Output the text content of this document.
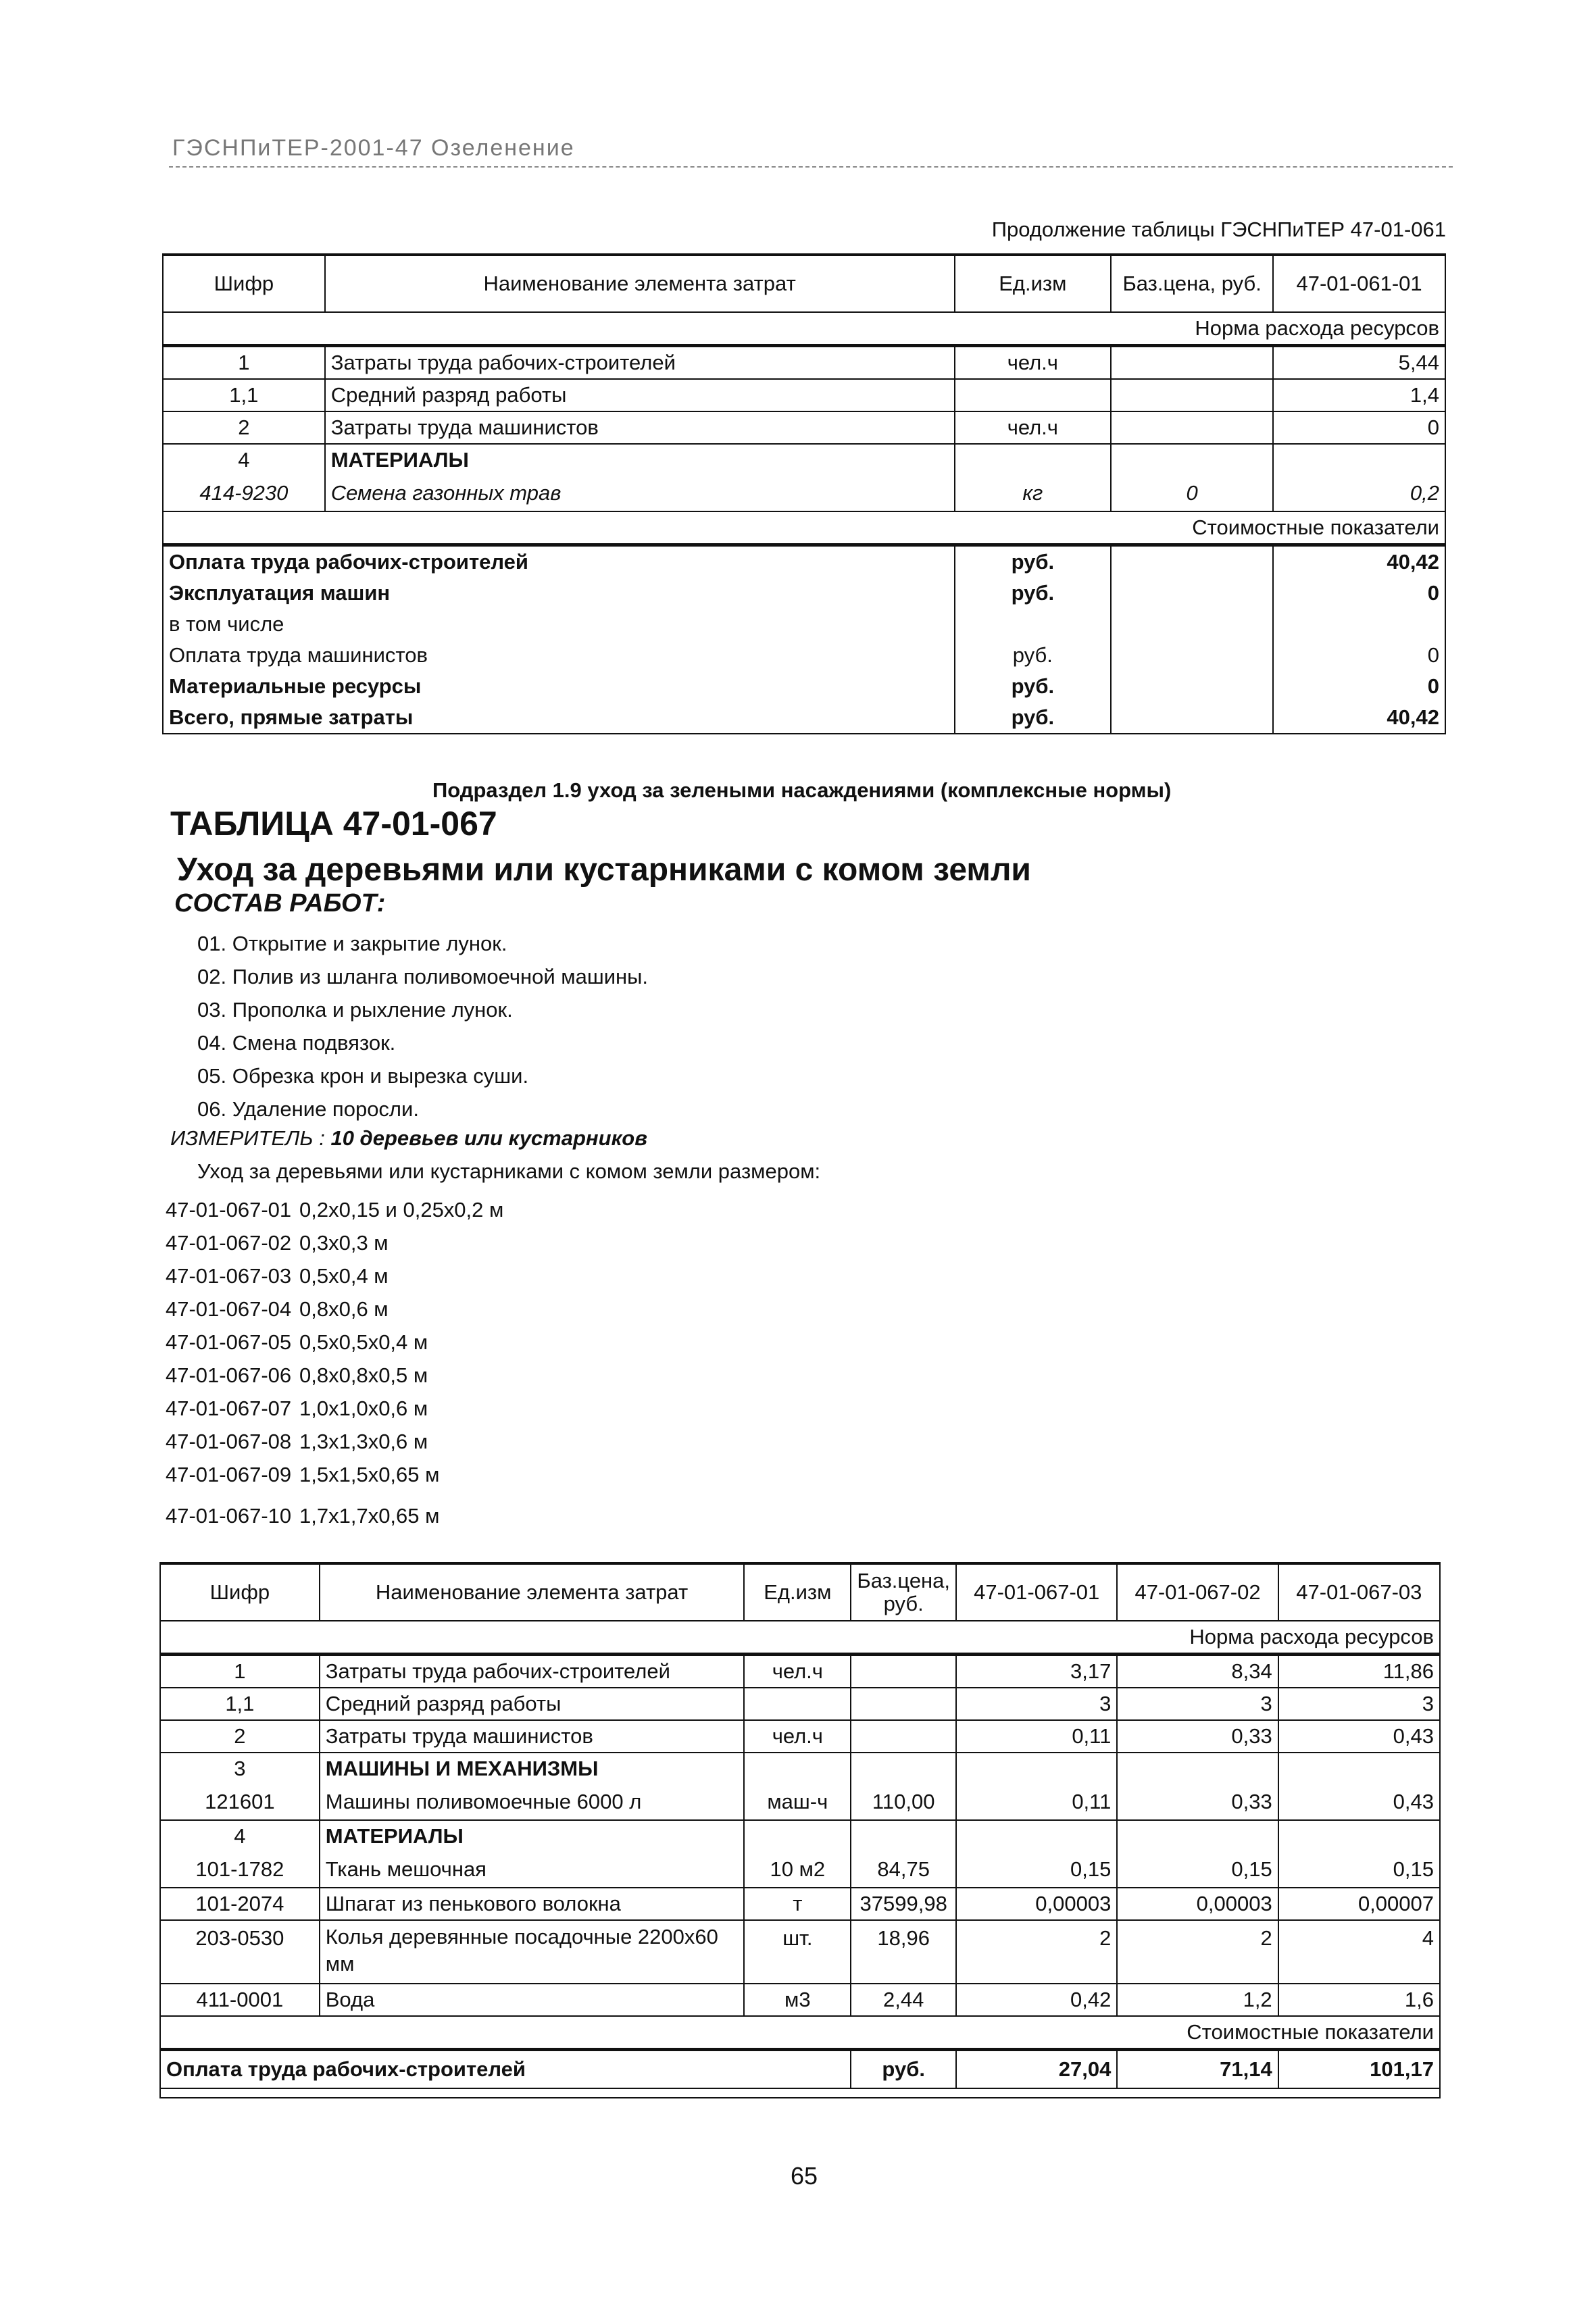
ГЭСНПиТЕР-2001-47 Озеленение
Продолжение таблицы ГЭСНПиТЕР 47-01-061
Шифр	Наименование элемента затрат	Ед.изм	Баз.цена, руб.	47-01-061-01
Норма расхода ресурсов				
1	Затраты труда рабочих-строителей	чел.ч		5,44
1,1	Средний разряд работы			1,4
2	Затраты труда машинистов	чел.ч		0
4	МАТЕРИАЛЫ			
414-9230	Семена газонных трав	кг	0	0,2
Стоимостные показатели				
Оплата труда рабочих-строителей		руб.		40,42
Эксплуатация машин		руб.		0
в том числе				
Оплата труда машинистов		руб.		0
Материальные ресурсы		руб.		0
Всего, прямые затраты		руб.		40,42
Подраздел 1.9 уход за зелеными насаждениями (комплексные нормы)
ТАБЛИЦА 47-01-067
Уход за деревьями или кустарниками с комом земли
СОСТАВ РАБОТ:
01. Открытие и закрытие лунок.
02. Полив из шланга поливомоечной машины.
03. Прополка и рыхление лунок.
04. Смена подвязок.
05. Обрезка крон и вырезка суши.
06. Удаление поросли.
ИЗМЕРИТЕЛЬ : 10 деревьев или кустарников
Уход за деревьями или кустарниками с комом земли размером:
47-01-067-01 0,2х0,15 и 0,25х0,2 м
47-01-067-02 0,3х0,3 м
47-01-067-03 0,5х0,4 м
47-01-067-04 0,8х0,6 м
47-01-067-05 0,5х0,5х0,4 м
47-01-067-06 0,8х0,8х0,5 м
47-01-067-07 1,0х1,0х0,6 м
47-01-067-08 1,3х1,3х0,6 м
47-01-067-09 1,5х1,5х0,65 м
47-01-067-10 1,7х1,7х0,65 м
Шифр	Наименование элемента затрат	Ед.изм	Баз.цена, руб.	47-01-067-01	47-01-067-02	47-01-067-03
Норма расхода ресурсов						
1	Затраты труда рабочих-строителей	чел.ч		3,17	8,34	11,86
1,1	Средний разряд работы			3	3	3
2	Затраты труда машинистов	чел.ч		0,11	0,33	0,43
3	МАШИНЫ И МЕХАНИЗМЫ					
121601	Машины поливомоечные 6000 л	маш-ч	110,00	0,11	0,33	0,43
4	МАТЕРИАЛЫ					
101-1782	Ткань мешочная	10 м2	84,75	0,15	0,15	0,15
101-2074	Шпагат из пенькового волокна	т	37599,98	0,00003	0,00003	0,00007
203-0530	Колья деревянные посадочные 2200х60
мм	шт.	18,96	2	2	4
411-0001	Вода	м3	2,44	0,42	1,2	1,6
Стоимостные показатели						
Оплата труда рабочих-строителей			руб.	27,04	71,14	101,17

65
